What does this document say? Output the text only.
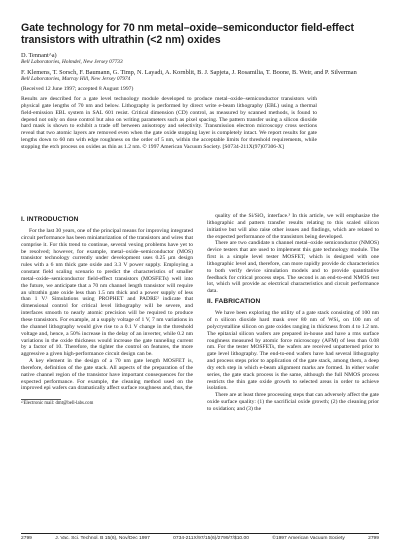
Gate technology for 70 nm metal–oxide–semiconductor field-effect transistors with ultrathin (<2 nm) oxides
D. Tennant^a)
Bell Laboratories, Holmdel, New Jersey 07733
F. Klemens, T. Sorsch, F. Baumann, G. Timp, N. Layadi, A. Kornblit, B. J. Sapjeta, J. Rosamilia, T. Boone, B. Weir, and P. Silverman
Bell Laboratories, Murray Hill, New Jersey 07974
(Received 12 June 1997; accepted 8 August 1997)

Results are described for a gate level technology module developed to produce metal–oxide–semiconductor transistors with physical gate lengths of 70 nm and below. Lithography is performed by direct write e-beam lithography (EBL) using a thermal field-emission EBL system in SAL 601 resist. Critical dimension (CD) control, as measured by scanned methods, is found to depend not only on dose control but also on writing parameters such as pixel spacing. The pattern transfer using a silicon dioxide hard mask is shown to exhibit a trade off between anisotropy and selectivity. Transmission electron microscopy cross sections reveal that two atomic layers are removed even when the gate oxide stopping layer is completely intact. We report results for gate lengths down to 60 nm with edge roughness on the order of 5 nm, within the acceptable limits for threshold requirements, while stopping the etch process on oxides as thin as 1.2 nm. © 1997 American Vacuum Society. [S0734-211X(97)07306-X]

I. INTRODUCTION

For the last 30 years, one of the principal means for improving integrated circuit performance has been miniaturization of the transistors and wires that comprise it. For this trend to continue, several vexing problems have yet to be resolved; however, for example, metal–oxide–semiconductor (MOS) transistor technology currently under development uses 0.25 μm design rules with a 6 nm thick gate oxide and 3.3 V power supply. Employing a constant field scaling scenario to predict the characteristics of smaller metal–oxide–semiconductor field-effect transistors (MOSFETs) well into the future, we anticipate that a 70 nm channel length transistor will require an ultrathin gate oxide less than 1.5 nm thick and a power supply of less than 1 V.¹ Simulations using PROPHET and PADRE² indicate that dimensional control for critical level lithography will be severe, and interfaces smooth to nearly atomic precision will be required to produce these transistors. For example, at a supply voltage of 1 V, 7 nm variations in the channel lithography would give rise to a 0.1 V change in the threshold voltage and, hence, a 50% increase in the delay of an inverter, while 0.2 nm variations in the oxide thickness would increase the gate tunneling current by a factor of 10. Therefore, the tighter the control on features, the more aggressive a given high-performance circuit design can be.

A key element in the design of a 70 nm gate length MOSFET is, therefore, definition of the gate stack. All aspects of the preparation of the native channel region of the transistor have important consequences for the expected performance. For example, the cleaning method used on the improved epi wafers can dramatically affect surface roughness and, thus, the

ᵃ⁾Electronic mail: dmt@bell-labs.com

quality of the Si/SiO₂ interface.³ In this article, we will emphasize the lithographic and pattern transfer results relating to this scaled silicon initiative but will also raise other issues and findings, which are related to the expected performance of the transistors being developed.

There are two candidate n channel metal–oxide semiconductor (NMOS) device testers that are used to implement this gate technology module. The first is a simple level tester MOSFET, which is designed with one lithographic level and, therefore, can more rapidly provide dc characteristics to both verify device simulation models and to provide quantitative feedback for critical process steps. The second is an end-to-end NMOS test lot, which will provide ac electrical characteristics and circuit performance data.

II. FABRICATION

We have been exploring the utility of a gate stack consisting of 100 nm of n silicon dioxide hard mask over 80 nm of WSi₂ on 100 nm of polycrystalline silicon on gate oxides ranging in thickness from 4 to 1.2 nm. The epitaxial silicon wafers are prepared in-house and have a rms surface roughness measured by atomic force microscopy (AFM) of less than 0.08 nm. For the tester MOSFETs, the wafers are received unpatterned prior to gate level lithography. The end-to-end wafers have had several lithography and process steps prior to application of the gate stack, among them, a deep dry etch step in which e-beam alignment marks are formed. In either wafer series, the gate stack process is the same, although the full NMOS process restricts the thin gate oxide growth to selected areas in order to achieve isolation.

There are at least three processing steps that can adversely affect the gate oxide surface quality: (1) the sacrificial oxide growth; (2) the cleaning prior to oxidation; and (3) the

2799	J. Vac. Sci. Technol. B 15(6), Nov/Dec 1997	0734-211X/97/15(6)/2799/7/$10.00	©1997 American Vacuum Society	2799
